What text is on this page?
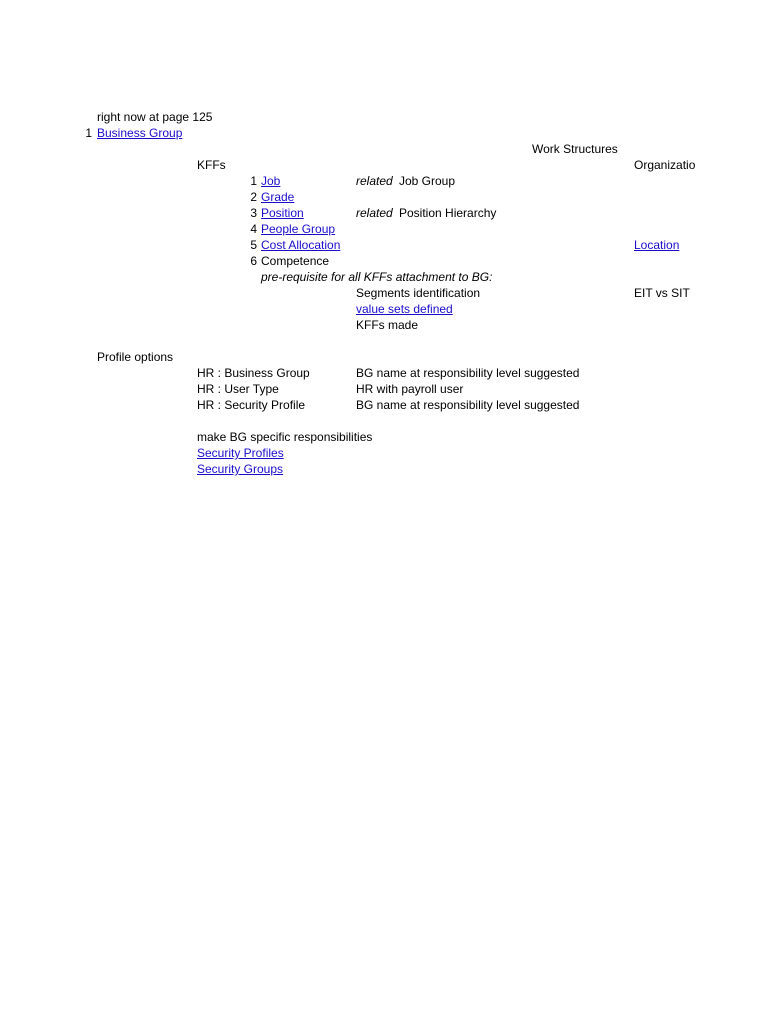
right now at page 125
1 Business Group
Work Structures
KFFs	Organizatio
1 Job	related Job Group
2 Grade
3 Position	related Position Hierarchy
4 People Group
5 Cost Allocation	Location
6 Competence
pre-requisite for all KFFs attachment to BG:
Segments identification	EIT vs SIT
value sets defined
KFFs made
Profile options
HR : Business Group	BG name at responsibility level suggested
HR : User Type	HR with payroll user
HR : Security Profile	BG name at responsibility level suggested
make BG specific responsibilities
Security Profiles
Security Groups
